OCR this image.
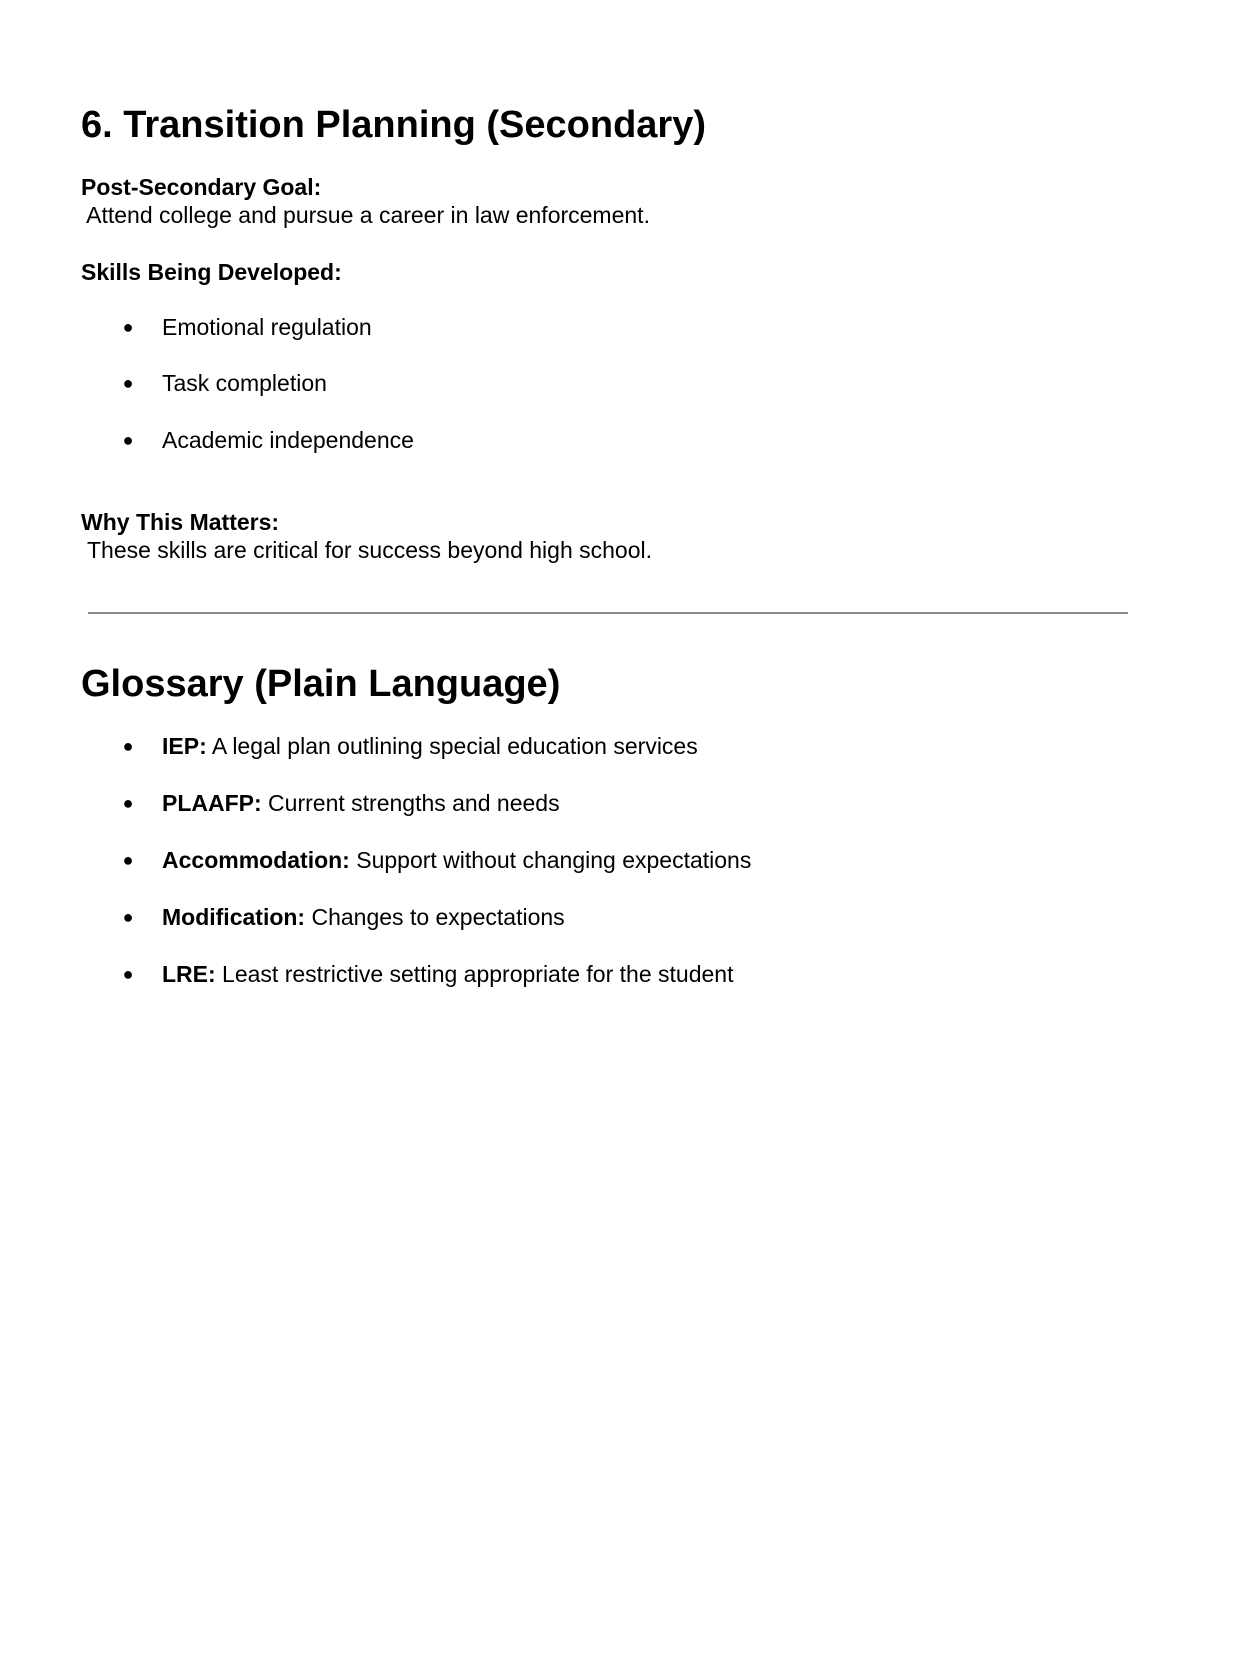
6. Transition Planning (Secondary)
Post-Secondary Goal:
Attend college and pursue a career in law enforcement.
Skills Being Developed:
● Emotional regulation
● Task completion
● Academic independence
Why This Matters:
These skills are critical for success beyond high school.
Glossary (Plain Language)
● IEP: A legal plan outlining special education services
● PLAAFP: Current strengths and needs
● Accommodation: Support without changing expectations
● Modification: Changes to expectations
● LRE: Least restrictive setting appropriate for the student
